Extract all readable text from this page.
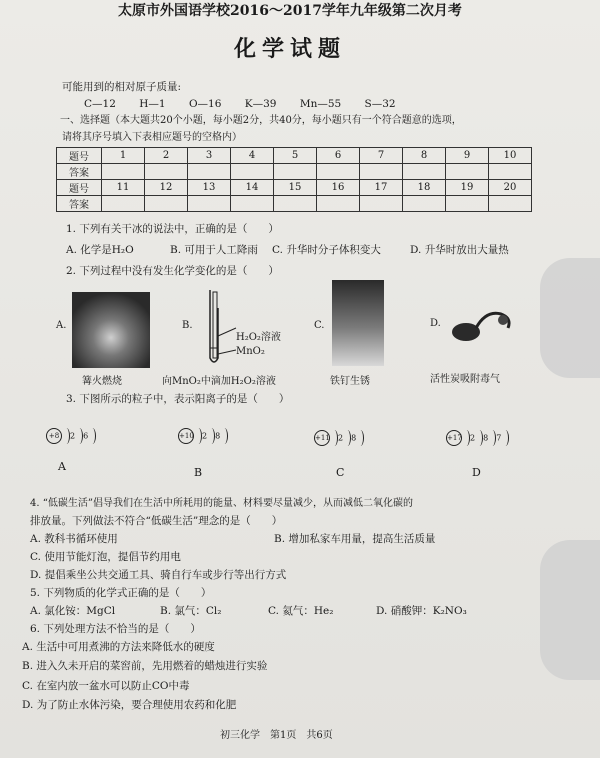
太原市外国语学校2016～2017学年九年级第二次月考
化学试题
可能用到的相对原子质量:
C—12 H—1 O—16 K—39 Mn—55 S—32
一、选择题（本大题共20个小题，每小题2分，共40分，每小题只有一个符合题意的选项，
请将其序号填入下表相应题号的空格内）
题号	1	2	3	4	5	6	7	8	9	10
答案										
题号	11	12	13	14	15	16	17	18	19	20
答案										
1. 下列有关干冰的说法中，正确的是（　　）
A. 化学是H₂O	B. 可用于人工降雨 C. 升华时分子体积变大	D. 升华时放出大量热
2. 下列过程中没有发生化学变化的是（　　）
A.	B.
H₂O₂溶液
MnO₂
C.	D.
篝火燃烧	向MnO₂中滴加H₂O₂溶液	铁钉生锈	活性炭吸附毒气
3. 下图所示的粒子中，表示阳离子的是（　　）
+8 2 6
A
+10 2 8
B
+11 2 8
C
+17 2 8 7
D
4. “低碳生活”倡导我们在生活中所耗用的能量、材料要尽量减少，从而减低二氧化碳的
排放量。下列做法不符合“低碳生活”理念的是（　　）
A. 教科书循环使用	B. 增加私家车用量，提高生活质量
C. 使用节能灯泡，提倡节约用电
D. 提倡乘坐公共交通工具、骑自行车或步行等出行方式
5. 下列物质的化学式正确的是（　　）
A. 氯化铵：MgCl	B. 氯气：Cl₂	C. 氦气：He₂	D. 硝酸钾：K₂NO₃
6. 下列处理方法不恰当的是（　　）
A. 生活中可用煮沸的方法来降低水的硬度
B. 进入久未开启的菜窖前，先用燃着的蜡烛进行实验
C. 在室内放一盆水可以防止CO中毒
D. 为了防止水体污染，要合理使用农药和化肥
初三化学　第1页　共6页
